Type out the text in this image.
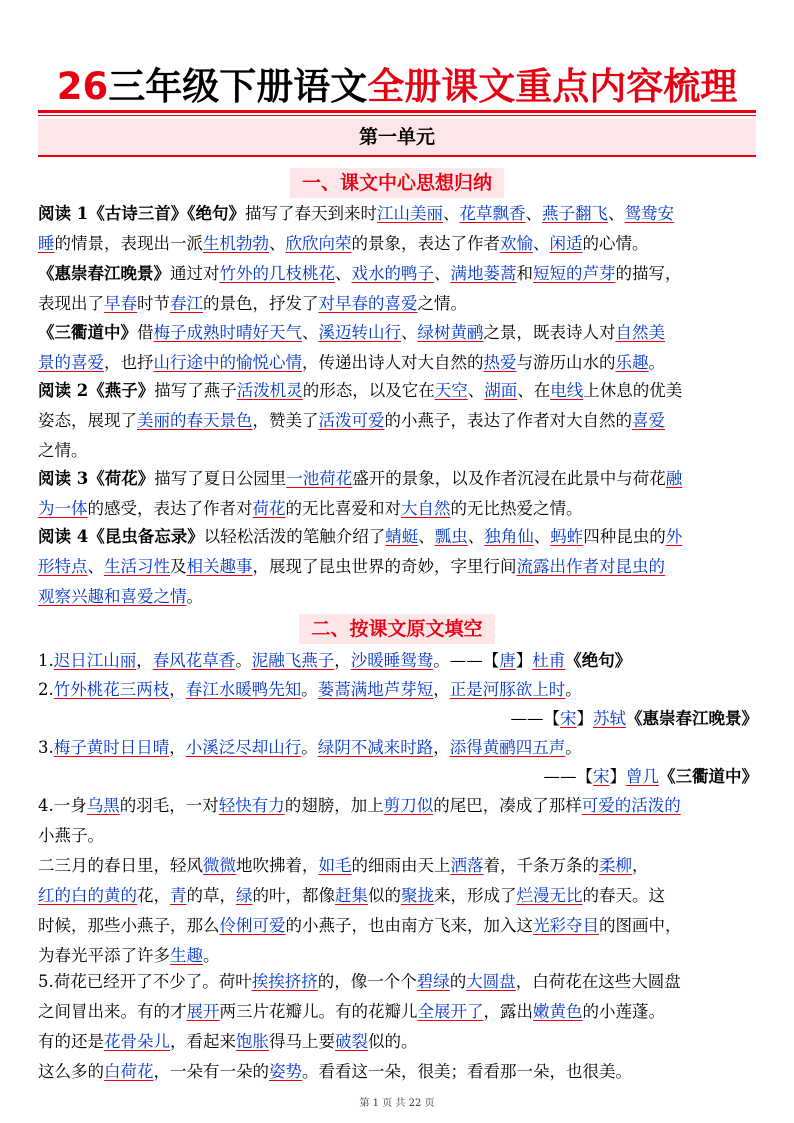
26三年级下册语文全册课文重点内容梳理
第一单元
一、课文中心思想归纳
阅读 1《古诗三首》《绝句》描写了春天到来时江山美丽、花草飘香、燕子翻飞、鸳鸯安
睡的情景，表现出一派生机勃勃、欣欣向荣的景象，表达了作者欢愉、闲适的心情。
《惠崇春江晚景》通过对竹外的几枝桃花、戏水的鸭子、满地蒌蒿和短短的芦芽的描写，
表现出了早春时节春江的景色，抒发了对早春的喜爱之情。
《三衢道中》借梅子成熟时晴好天气、溪迈转山行、绿树黄鹂之景，既表诗人对自然美
景的喜爱，也抒山行途中的愉悦心情，传递出诗人对大自然的热爱与游历山水的乐趣。
阅读 2《燕子》描写了燕子活泼机灵的形态，以及它在天空、湖面、在电线上休息的优美
姿态，展现了美丽的春天景色，赞美了活泼可爱的小燕子，表达了作者对大自然的喜爱
之情。
阅读 3《荷花》描写了夏日公园里一池荷花盛开的景象，以及作者沉浸在此景中与荷花融
为一体的感受，表达了作者对荷花的无比喜爱和对大自然的无比热爱之情。
阅读 4《昆虫备忘录》以轻松活泼的笔触介绍了蜻蜓、瓢虫、独角仙、蚂蚱四种昆虫的外
形特点、生活习性及相关趣事，展现了昆虫世界的奇妙，字里行间流露出作者对昆虫的
观察兴趣和喜爱之情。
二、按课文原文填空
1.迟日江山丽，春风花草香。泥融飞燕子，沙暖睡鸳鸯。——【唐】杜甫《绝句》
2.竹外桃花三两枝，春江水暖鸭先知。蒌蒿满地芦芽短，正是河豚欲上时。
——【宋】苏轼《惠崇春江晚景》
3.梅子黄时日日晴，小溪泛尽却山行。绿阴不减来时路，添得黄鹂四五声。
——【宋】曾几《三衢道中》
4.一身乌黑的羽毛，一对轻快有力的翅膀，加上剪刀似的尾巴，凑成了那样可爱的活泼的
小燕子。
二三月的春日里，轻风微微地吹拂着，如毛的细雨由天上洒落着，千条万条的柔柳，
红的白的黄的花，青的草，绿的叶，都像赶集似的聚拢来，形成了烂漫无比的春天。这
时候，那些小燕子，那么伶俐可爱的小燕子，也由南方飞来，加入这光彩夺目的图画中，
为春光平添了许多生趣。
5.荷花已经开了不少了。荷叶挨挨挤挤的，像一个个碧绿的大圆盘，白荷花在这些大圆盘
之间冒出来。有的才展开两三片花瓣儿。有的花瓣儿全展开了，露出嫩黄色的小莲蓬。
有的还是花骨朵儿，看起来饱胀得马上要破裂似的。
这么多的白荷花，一朵有一朵的姿势。看看这一朵，很美；看看那一朵，也很美。
第 1 页 共 22 页
